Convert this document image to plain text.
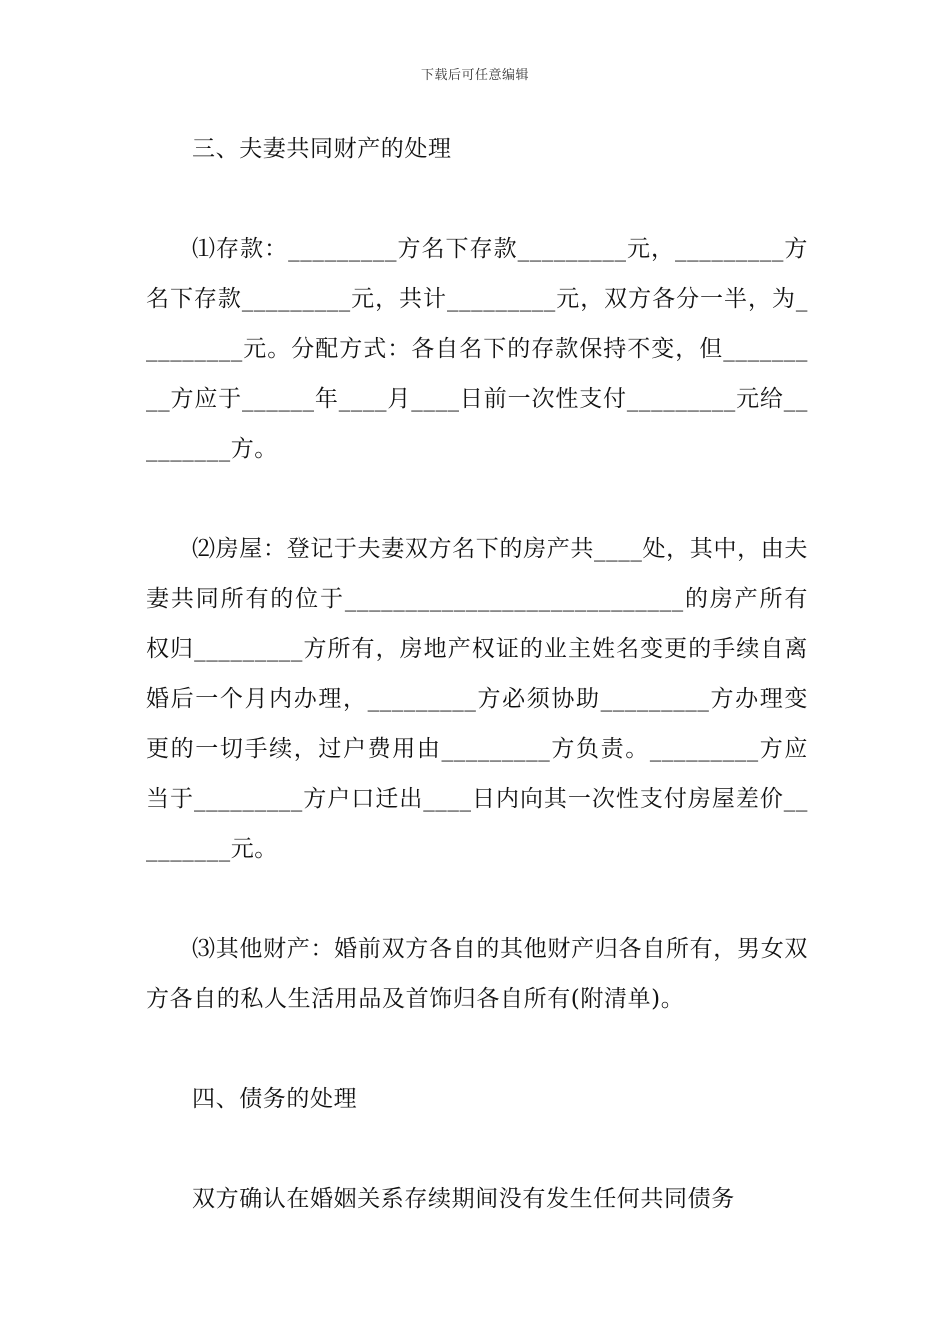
下载后可任意编辑

三、夫妻共同财产的处理

⑴存款：_________方名下存款_________元，_________方名下存款_________元，共计_________元，双方各分一半，为_________元。分配方式：各自名下的存款保持不变，但_________方应于______年____月____日前一次性支付_________元给_________方。

⑵房屋：登记于夫妻双方名下的房产共____处，其中，由夫妻共同所有的位于____________________________的房产所有权归_________方所有，房地产权证的业主姓名变更的手续自离婚后一个月内办理，_________方必须协助_________方办理变更的一切手续，过户费用由_________方负责。_________方应当于_________方户口迁出____日内向其一次性支付房屋差价_________元。

⑶其他财产：婚前双方各自的其他财产归各自所有，男女双方各自的私人生活用品及首饰归各自所有(附清单)。

四、债务的处理

双方确认在婚姻关系存续期间没有发生任何共同债务
